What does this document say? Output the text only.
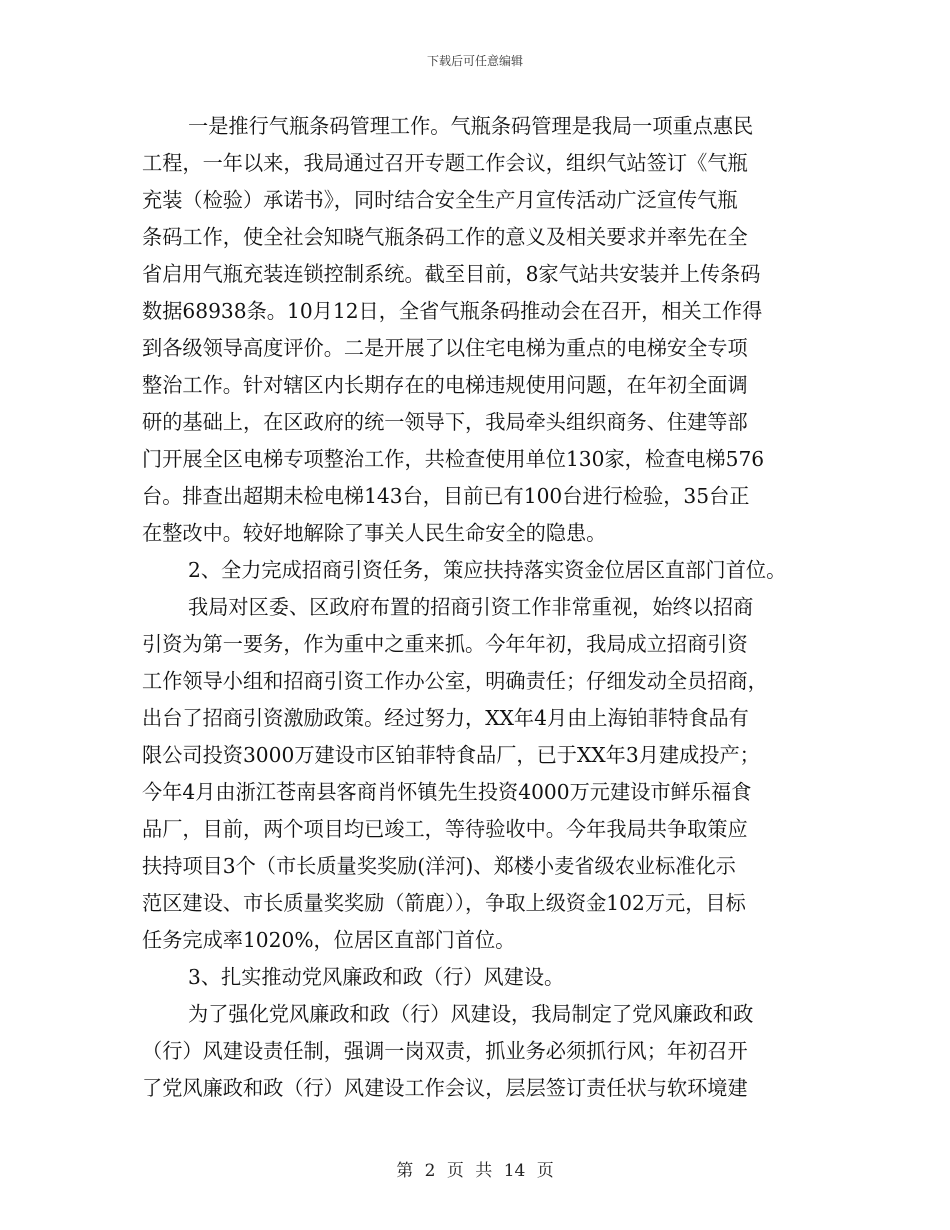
下载后可任意编辑
一是推行气瓶条码管理工作。气瓶条码管理是我局一项重点惠民
工程，一年以来，我局通过召开专题工作会议，组织气站签订《气瓶
充装（检验）承诺书》，同时结合安全生产月宣传活动广泛宣传气瓶
条码工作，使全社会知晓气瓶条码工作的意义及相关要求并率先在全
省启用气瓶充装连锁控制系统。截至目前，8家气站共安装并上传条码
数据68938条。10月12日，全省气瓶条码推动会在召开，相关工作得
到各级领导高度评价。二是开展了以住宅电梯为重点的电梯安全专项
整治工作。针对辖区内长期存在的电梯违规使用问题，在年初全面调
研的基础上，在区政府的统一领导下，我局牵头组织商务、住建等部
门开展全区电梯专项整治工作，共检查使用单位130家，检查电梯576
台。排查出超期未检电梯143台，目前已有100台进行检验，35台正
在整改中。较好地解除了事关人民生命安全的隐患。
2、全力完成招商引资任务，策应扶持落实资金位居区直部门首位。
我局对区委、区政府布置的招商引资工作非常重视，始终以招商
引资为第一要务，作为重中之重来抓。今年年初，我局成立招商引资
工作领导小组和招商引资工作办公室，明确责任；仔细发动全员招商，
出台了招商引资激励政策。经过努力，XX年4月由上海铂菲特食品有
限公司投资3000万建设市区铂菲特食品厂，已于XX年3月建成投产；
今年4月由浙江苍南县客商肖怀镇先生投资4000万元建设市鲜乐福食
品厂，目前，两个项目均已竣工，等待验收中。今年我局共争取策应
扶持项目3个（市长质量奖奖励(洋河)、郑楼小麦省级农业标准化示
范区建设、市长质量奖奖励（箭鹿）），争取上级资金102万元，目标
任务完成率1020%，位居区直部门首位。
3、扎实推动党风廉政和政（行）风建设。
为了强化党风廉政和政（行）风建设，我局制定了党风廉政和政
（行）风建设责任制，强调一岗双责，抓业务必须抓行风；年初召开
了党风廉政和政（行）风建设工作会议，层层签订责任状与软环境建
第 2 页 共 14 页
